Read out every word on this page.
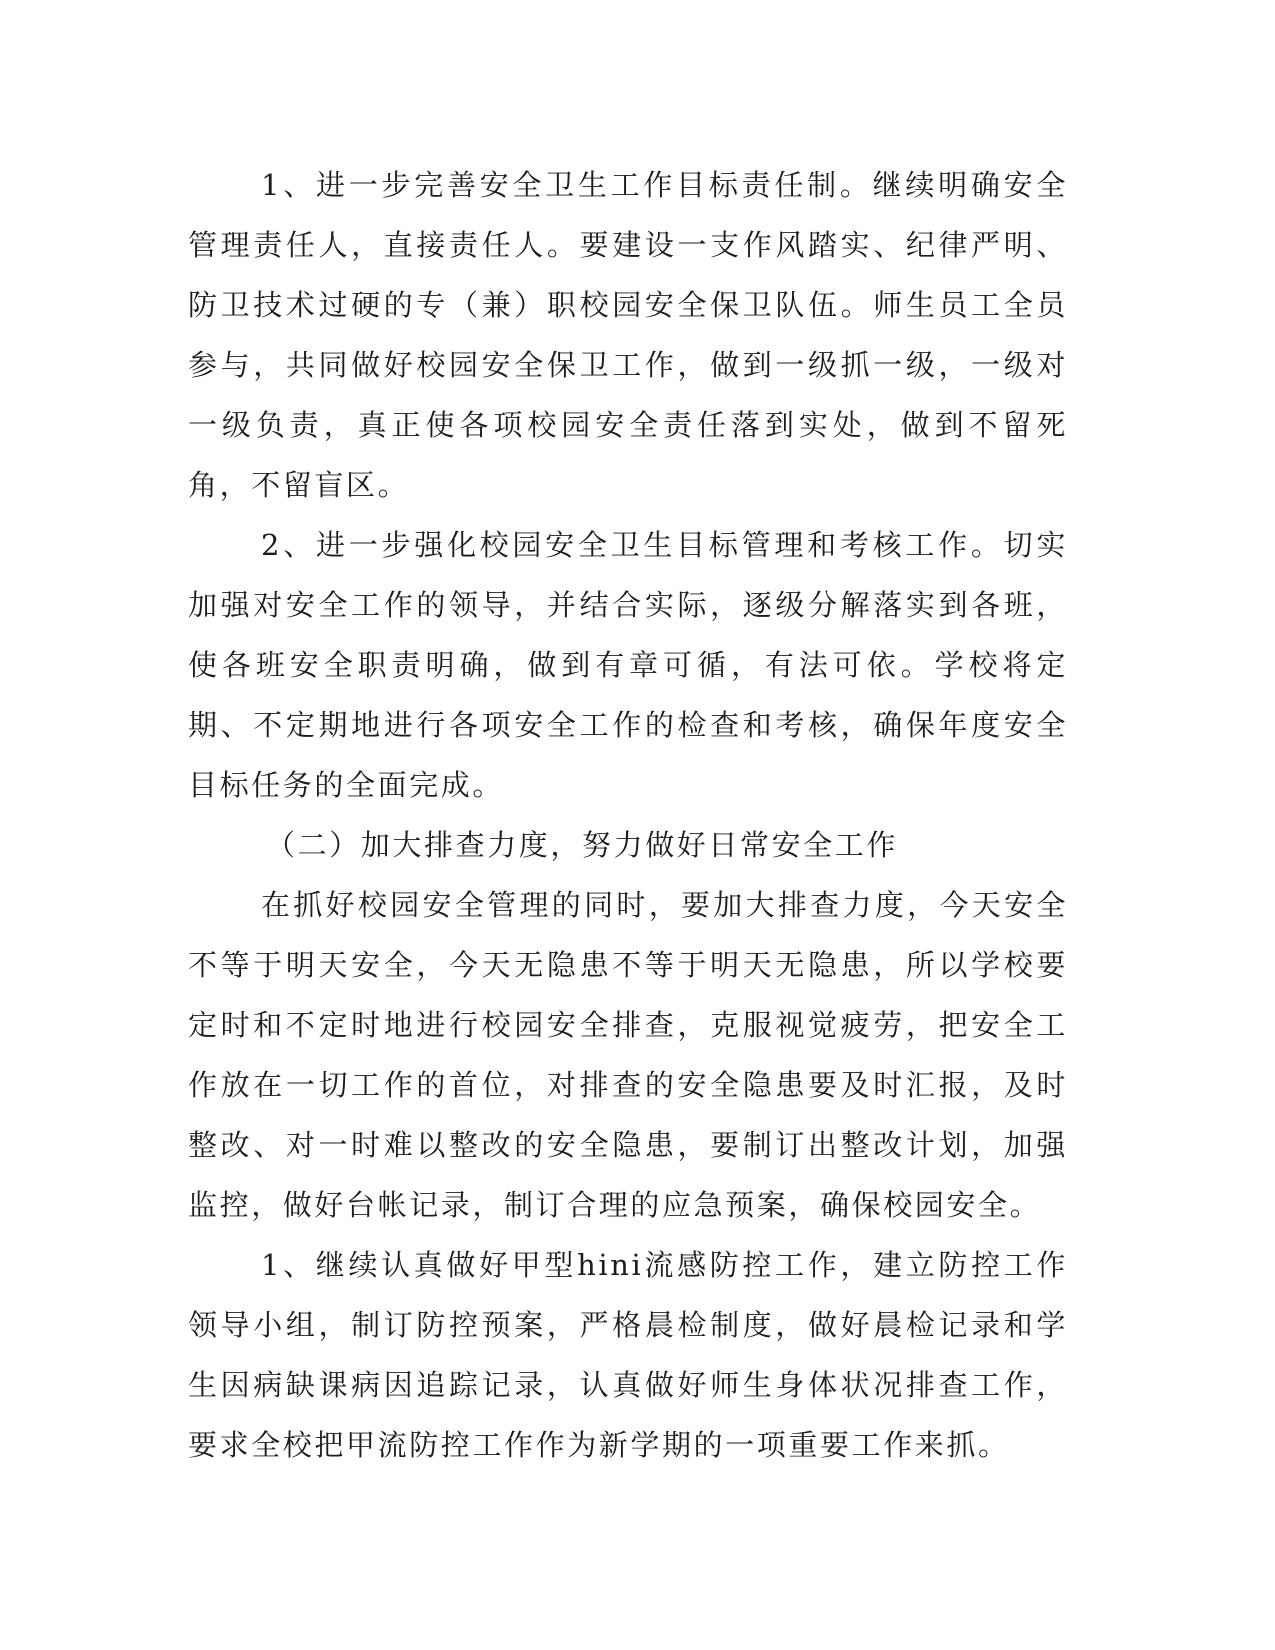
1、进一步完善安全卫生工作目标责任制。继续明确安全管理责任人，直接责任人。要建设一支作风踏实、纪律严明、防卫技术过硬的专（兼）职校园安全保卫队伍。师生员工全员参与，共同做好校园安全保卫工作，做到一级抓一级，一级对一级负责，真正使各项校园安全责任落到实处，做到不留死角，不留盲区。

2、进一步强化校园安全卫生目标管理和考核工作。切实加强对安全工作的领导，并结合实际，逐级分解落实到各班，使各班安全职责明确，做到有章可循，有法可依。学校将定期、不定期地进行各项安全工作的检查和考核，确保年度安全目标任务的全面完成。

（二）加大排查力度，努力做好日常安全工作

在抓好校园安全管理的同时，要加大排查力度，今天安全不等于明天安全，今天无隐患不等于明天无隐患，所以学校要定时和不定时地进行校园安全排查，克服视觉疲劳，把安全工作放在一切工作的首位，对排查的安全隐患要及时汇报，及时整改、对一时难以整改的安全隐患，要制订出整改计划，加强监控，做好台帐记录，制订合理的应急预案，确保校园安全。

1、继续认真做好甲型hini流感防控工作，建立防控工作领导小组，制订防控预案，严格晨检制度，做好晨检记录和学生因病缺课病因追踪记录，认真做好师生身体状况排查工作，要求全校把甲流防控工作作为新学期的一项重要工作来抓。
